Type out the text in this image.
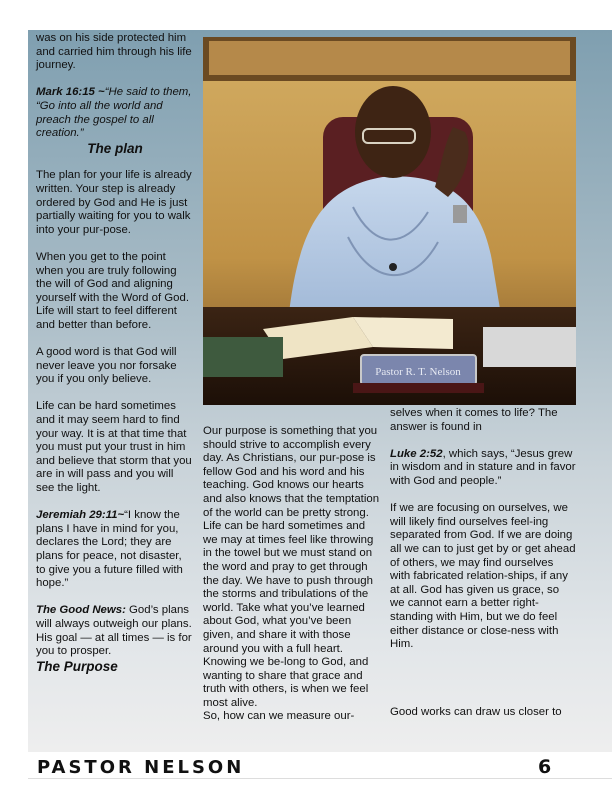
was on his side protected him and carried him through his life journey.

Mark 16:15 ~“He said to them, “Go into all the world and preach the gospel to all creation.”

The plan

The plan for your life is already written. Your step is already ordered by God and He is just partially waiting for you to walk into your pur-pose.

When you get to the point when you are truly following the will of God and aligning yourself with the Word of God. Life will start to feel different and better than before.

A good word is that God will never leave you nor forsake you if you only believe.

Life can be hard sometimes and it may seem hard to find your way. It is at that time that you must put your trust in him and believe that storm that you are in will pass and you will see the light.

Jeremiah 29:11~“I know the plans I have in mind for you, declares the Lord; they are plans for peace, not disaster, to give you a future filled with hope.”

The Good News: God’s plans will always outweigh our plans. His goal — at all times — is for you to prosper.

The Purpose
Pastor R. T. Nelson

Our purpose is something that you should strive to accomplish every day. As Christians, our pur-pose is fellow God and his word and his teaching. God knows our hearts and also knows that the temptation of the world can be pretty strong. Life can be hard sometimes and we may at times feel like throwing in the towel but we must stand on the word and pray to get through the day. We have to push through the storms and tribulations of the world. Take what you’ve learned about God, what you’ve been given, and share it with those around you with a full heart. Knowing we be-long to God, and wanting to share that grace and truth with others, is when we feel most alive.

So, how can we measure our-

selves when it comes to life? The answer is found in

Luke 2:52, which says, “Jesus grew in wisdom and in stature and in favor with God and people.”

If we are focusing on ourselves, we will likely find ourselves feel-ing separated from God. If we are doing all we can to just get by or get ahead of others, we may find ourselves with fabricated relation-ships, if any at all. God has given us grace, so we cannot earn a better right-standing with Him, but we do feel either distance or close-ness with Him.

Good works can draw us closer to

PASTOR NELSON	6
